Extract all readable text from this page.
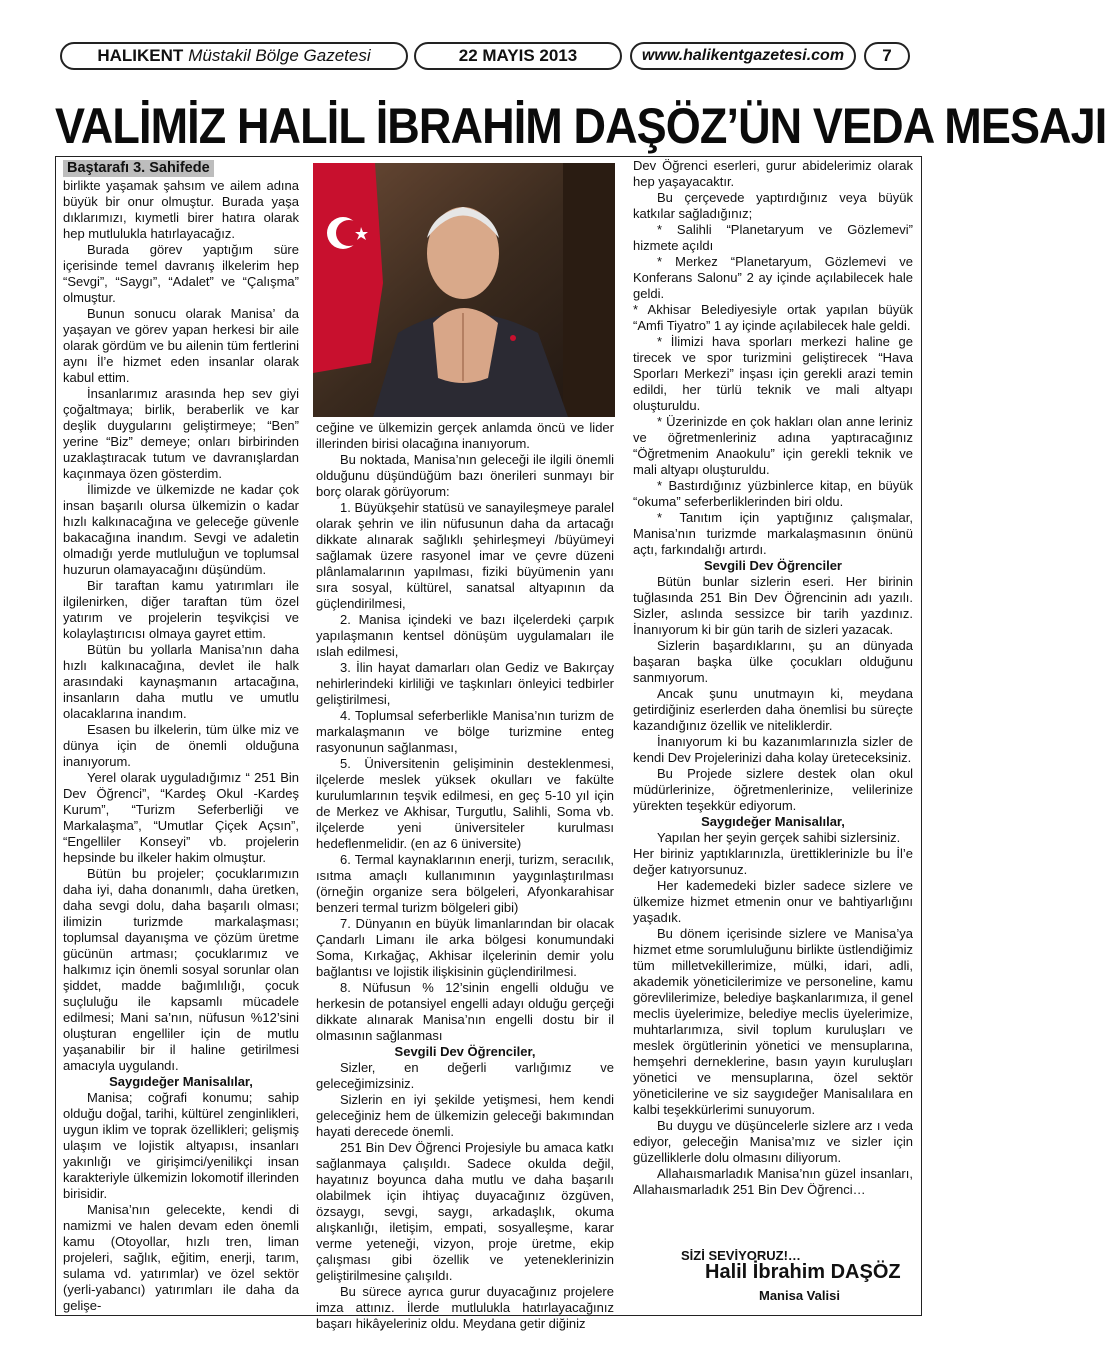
HALIKENT Müstakil Bölge Gazetesi	22 MAYIS 2013	www.halikentgazetesi.com	7
VALİMİZ HALİL İBRAHİM DAŞÖZ’ÜN VEDA MESAJI
Baştarafı 3. Sahifede

birlikte yaşamak şahsım ve ailem adına büyük bir onur olmuştur. Burada yaşa dıklarımızı, kıymetli birer hatıra olarak hep mutlulukla hatırlayacağız.

Burada görev yaptığım süre içerisinde temel davranış ilkelerim hep “Sevgi”, “Saygı”, “Adalet” ve “Çalışma” olmuştur.

Bunun sonucu olarak Manisa’ da yaşayan ve görev yapan herkesi bir aile olarak gördüm ve bu ailenin tüm fertlerini aynı İl’e hizmet eden insanlar olarak kabul ettim.

İnsanlarımız arasında hep sev giyi çoğaltmaya; birlik, beraberlik ve kar deşlik duygularını geliştirmeye; “Ben” yerine “Biz” demeye; onları birbirinden uzaklaştıracak tutum ve davranışlardan kaçınmaya özen gösterdim.

İlimizde ve ülkemizde ne kadar çok insan başarılı olursa ülkemizin o kadar hızlı kalkınacağına ve geleceğe güvenle bakacağına inandım. Sevgi ve adaletin olmadığı yerde mutluluğun ve toplumsal huzurun olamayacağını düşündüm.

Bir taraftan kamu yatırımları ile ilgilenirken, diğer taraftan tüm özel yatırım ve projelerin teşvikçisi ve kolaylaştırıcısı olmaya gayret ettim.

Bütün bu yollarla Manisa’nın daha hızlı kalkınacağına, devlet ile halk arasındaki kaynaşmanın artacağına, insanların daha mutlu ve umutlu olacaklarına inandım.

Esasen bu ilkelerin, tüm ülke miz ve dünya için de önemli olduğuna inanıyorum.

Yerel olarak uyguladığımız “ 251 Bin Dev Öğrenci”, “Kardeş Okul -Kardeş Kurum”, “Turizm Seferberliği ve Markalaşma”, “Umutlar Çiçek Açsın”, “Engelliler Konseyi” vb. projelerin hepsinde bu ilkeler hakim olmuştur.

Bütün bu projeler; çocuklarımızın daha iyi, daha donanımlı, daha üretken, daha sevgi dolu, daha başarılı olması; ilimizin turizmde markalaşması; toplumsal dayanışma ve çözüm üretme gücünün artması; çocuklarımız ve halkımız için önemli sosyal sorunlar olan şiddet, madde bağımlılığı, çocuk suçluluğu ile kapsamlı mücadele edilmesi; Mani sa’nın, nüfusun %12’sini oluşturan engelliler için de mutlu yaşanabilir bir il haline getirilmesi amacıyla uygulandı.

Saygıdeğer Manisalılar,

Manisa; coğrafi konumu; sahip olduğu doğal, tarihi, kültürel zenginlikleri, uygun iklim ve toprak özellikleri; gelişmiş ulaşım ve lojistik altyapısı, insanları yakınlığı ve girişimci/yenilikçi insan karakteriyle ülkemizin lokomotif illerinden birisidir.

Manisa’nın gelecekte, kendi di namizmi ve halen devam eden önemli kamu (Otoyollar, hızlı tren, liman projeleri, sağlık, eğitim, enerji, tarım, sulama vd. yatırımlar) ve özel sektör (yerli-yabancı) yatırımları ile daha da gelişe-

ceğine ve ülkemizin gerçek anlamda öncü ve lider illerinden birisi olacağına inanıyorum.

Bu noktada, Manisa’nın geleceği ile ilgili önemli olduğunu düşündüğüm bazı önerileri sunmayı bir borç olarak görüyorum:

1. Büyükşehir statüsü ve sanayileşmeye paralel olarak şehrin ve ilin nüfusunun daha da artacağı dikkate alınarak sağlıklı şehirleşmeyi /büyümeyi sağlamak üzere rasyonel imar ve çevre düzeni plânlamalarının yapılması, fiziki büyümenin yanı sıra sosyal, kültürel, sanatsal altyapının da güçlendirilmesi,

2. Manisa içindeki ve bazı ilçelerdeki çarpık yapılaşmanın kentsel dönüşüm uygulamaları ile ıslah edilmesi,

3. İlin hayat damarları olan Gediz ve Bakırçay nehirlerindeki kirliliği ve taşkınları önleyici tedbirler geliştirilmesi,

4. Toplumsal seferberlikle Manisa’nın turizm de markalaşmanın ve bölge turizmine enteg rasyonunun sağlanması,

5. Üniversitenin gelişiminin desteklenmesi, ilçelerde meslek yüksek okulları ve fakülte kurulumlarının teşvik edilmesi, en geç 5-10 yıl için de Merkez ve Akhisar, Turgutlu, Salihli, Soma vb. ilçelerde yeni üniversiteler kurulması hedeflenmelidir. (en az 6 üniversite)

6. Termal kaynaklarının enerji, turizm, seracılık, ısıtma amaçlı kullanımının yaygınlaştırılması (örneğin organize sera bölgeleri, Afyonkarahisar benzeri termal turizm bölgeleri gibi)

7. Dünyanın en büyük limanlarından bir olacak Çandarlı Limanı ile arka bölgesi konumundaki Soma, Kırkağaç, Akhisar ilçelerinin demir yolu bağlantısı ve lojistik ilişkisinin güçlendirilmesi.

8. Nüfusun % 12’sinin engelli olduğu ve herkesin de potansiyel engelli adayı olduğu gerçeği dikkate alınarak Manisa’nın engelli dostu bir il olmasının sağlanması

Sevgili Dev Öğrenciler,

Sizler, en değerli varlığımız ve geleceğimizsiniz.

Sizlerin en iyi şekilde yetişmesi, hem kendi geleceğiniz hem de ülkemizin geleceği bakımından hayati derecede önemli.

251 Bin Dev Öğrenci Projesiyle bu amaca katkı sağlanmaya çalışıldı. Sadece okulda değil, hayatınız boyunca daha mutlu ve daha başarılı olabilmek için ihtiyaç duyacağınız özgüven, özsaygı, sevgi, saygı, arkadaşlık, okuma alışkanlığı, iletişim, empati, sosyalleşme, karar verme yeteneği, vizyon, proje üretme, ekip çalışması gibi özellik ve yeteneklerinizin geliştirilmesine çalışıldı.

Bu sürece ayrıca gurur duyacağınız projelere imza attınız. İlerde mutlulukla hatırlayacağınız başarı hikâyeleriniz oldu. Meydana getir diğiniz

Dev Öğrenci eserleri, gurur abidelerimiz olarak hep yaşayacaktır.

Bu çerçevede yaptırdığınız veya büyük katkılar sağladığınız;

* Salihli “Planetaryum ve Gözlemevi” hizmete açıldı

* Merkez “Planetaryum, Gözlemevi ve Konferans Salonu” 2 ay içinde açılabilecek hale geldi.

* Akhisar Belediyesiyle ortak yapılan büyük “Amfi Tiyatro” 1 ay içinde açılabilecek hale geldi.

* İlimizi hava sporları merkezi haline ge tirecek ve spor turizmini geliştirecek “Hava Sporları Merkezi” inşası için gerekli arazi temin edildi, her türlü teknik ve mali altyapı oluşturuldu.

* Üzerinizde en çok hakları olan anne leriniz ve öğretmenleriniz adına yaptıracağınız “Öğretmenim Anaokulu” için gerekli teknik ve mali altyapı oluşturuldu.

* Bastırdığınız yüzbinlerce kitap, en büyük “okuma” seferberliklerinden biri oldu.

* Tanıtım için yaptığınız çalışmalar, Manisa’nın turizmde markalaşmasının önünü açtı, farkındalığı artırdı.

Sevgili Dev Öğrenciler

Bütün bunlar sizlerin eseri. Her birinin tuğlasında 251 Bin Dev Öğrencinin adı yazılı. Sizler, aslında sessizce bir tarih yazdınız. İnanıyorum ki bir gün tarih de sizleri yazacak.

Sizlerin başardıklarını, şu an dünyada başaran başka ülke çocukları olduğunu sanmıyorum.

Ancak şunu unutmayın ki, meydana getirdiğiniz eserlerden daha önemlisi bu süreçte kazandığınız özellik ve niteliklerdir.

İnanıyorum ki bu kazanımlarınızla sizler de kendi Dev Projelerinizi daha kolay üreteceksiniz.

Bu Projede sizlere destek olan okul müdürlerinize, öğretmenlerinize, velilerinize yürekten teşekkür ediyorum.

Saygıdeğer Manisalılar,

Yapılan her şeyin gerçek sahibi sizlersiniz.

Her biriniz yaptıklarınızla, ürettiklerinizle bu İl’e değer katıyorsunuz.

Her kademedeki bizler sadece sizlere ve ülkemize hizmet etmenin onur ve bahtiyarlığını yaşadık.

Bu dönem içerisinde sizlere ve Manisa’ya hizmet etme sorumluluğunu birlikte üstlendiğimiz tüm milletvekillerimize, mülki, idari, adli, akademik yöneticilerimize ve personeline, kamu görevlilerimize, belediye başkanlarımıza, il genel meclis üyelerimize, belediye meclis üyelerimize, muhtarlarımıza, sivil toplum kuruluşları ve meslek örgütlerinin yönetici ve mensuplarına, hemşehri derneklerine, basın yayın kuruluşları yönetici ve mensuplarına, özel sektör yöneticilerine ve siz saygıdeğer Manisalılara en kalbi teşekkürlerimi sunuyorum.

Bu duygu ve düşüncelerle sizlere arz ı veda ediyor, geleceğin Manisa’mız ve sizler için güzelliklerle dolu olmasını diliyorum.

Allahaısmarladık Manisa’nın güzel insanları, Allahaısmarladık 251 Bin Dev Öğrenci…

SİZİ SEVİYORUZ!…
Halil İbrahim DAŞÖZ
Manisa Valisi
